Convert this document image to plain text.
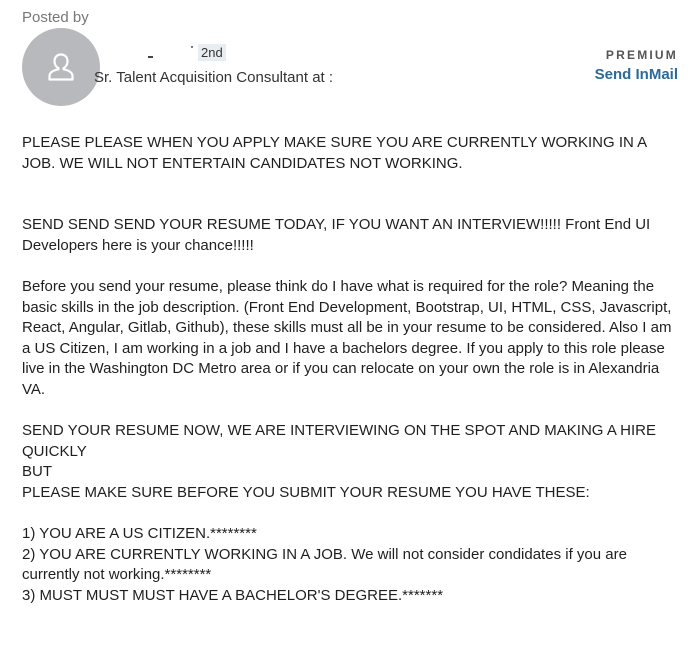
Posted by
2nd
Sr. Talent Acquisition Consultant at :
PREMIUM
Send InMail

PLEASE PLEASE WHEN YOU APPLY MAKE SURE YOU ARE CURRENTLY WORKING IN A JOB. WE WILL NOT ENTERTAIN CANDIDATES NOT WORKING.

SEND SEND SEND YOUR RESUME TODAY, IF YOU WANT AN INTERVIEW!!!!! Front End UI Developers here is your chance!!!!!

Before you send your resume, please think do I have what is required for the role? Meaning the basic skills in the job description. (Front End Development, Bootstrap, UI, HTML, CSS, Javascript, React, Angular, Gitlab, Github), these skills must all be in your resume to be considered. Also I am a US Citizen, I am working in a job and I have a bachelors degree. If you apply to this role please live in the Washington DC Metro area or if you can relocate on your own the role is in Alexandria VA.

SEND YOUR RESUME NOW, WE ARE INTERVIEWING ON THE SPOT AND MAKING A HIRE QUICKLY

BUT

PLEASE MAKE SURE BEFORE YOU SUBMIT YOUR RESUME YOU HAVE THESE:

1) YOU ARE A US CITIZEN.********

2) YOU ARE CURRENTLY WORKING IN A JOB. We will not consider condidates if you are currently not working.********

3) MUST MUST MUST HAVE A BACHELOR'S DEGREE.*******
